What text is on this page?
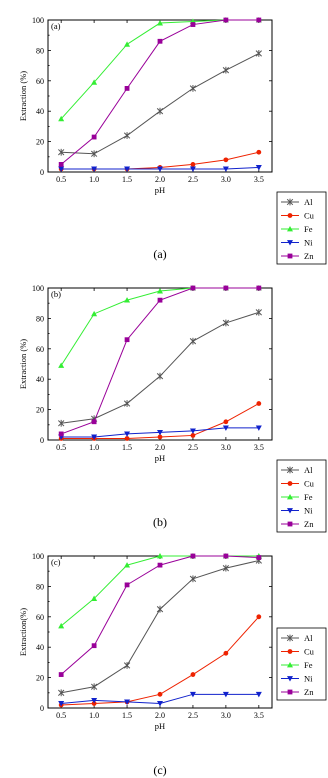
0
20
40
60
80
100
0.5	1.0	1.5	2.0	2.5	3.0	3.5
pH
Extraction (%)
(a)
Al
Cu
Fe
Ni
Zn
(a)
0
20
40
60
80
100
0.5	1.0	1.5	2.0	2.5	3.0	3.5
pH
Extraction (%)
(b)
Al
Cu
Fe
Ni
Zn
(b)
0
20
40
60
80
100
0.5	1.0	1.5	2.0	2.5	3.0	3.5
pH
Extraction(%)
(c)
Al
Cu
Fe
Ni
Zn
(c)
